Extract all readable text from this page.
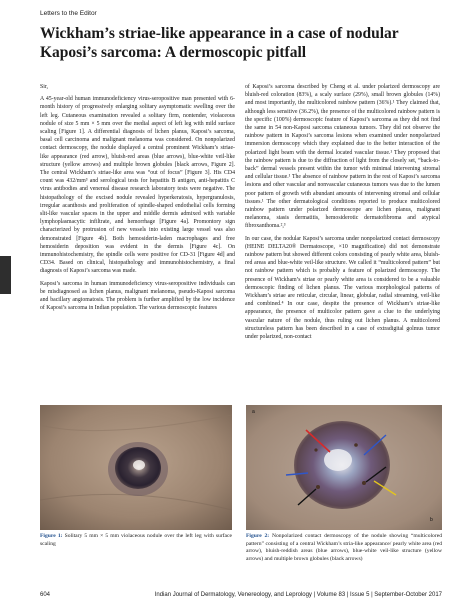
Letters to the Editor
Wickham’s striae-like appearance in a case of nodular Kaposi’s sarcoma: A dermoscopic pitfall

Sir,

A 45-year-old human immunodeficiency virus-seropositive man presented with 6-month history of progressively enlarging solitary asymptomatic swelling over the left leg. Cutaneous examination revealed a solitary firm, nontender, violaceous nodule of size 5 mm × 5 mm over the medial aspect of left leg with mild surface scaling [Figure 1]. A differential diagnosis of lichen planus, Kaposi’s sarcoma, basal cell carcinoma and malignant melanoma was considered. On nonpolarized contact dermoscopy, the nodule displayed a central prominent Wickham’s striae-like appearance (red arrow), bluish-red areas (blue arrows), blue-white veil-like structure (yellow arrows) and multiple brown globules [black arrows, Figure 2]. The central Wickham’s striae-like area was “out of focus” [Figure 3]. His CD4 count was 432/mm³ and serological tests for hepatitis B antigen, anti-hepatitis C virus antibodies and venereal disease research laboratory tests were negative. The histopathology of the excised nodule revealed hyperkeratosis, hypergranulosis, irregular acanthosis and proliferation of spindle-shaped endothelial cells forming slit-like vascular spaces in the upper and middle dermis admixed with variable lymphoplasmacytic infiltrate, and hemorrhage [Figure 4a]. Promontory sign characterized by protrusion of new vessels into existing large vessel was also demonstrated [Figure 4b]. Both hemosiderin-laden macrophages and free hemosiderin deposition was evident in the dermis [Figure 4c]. On immunohistochemistry, the spindle cells were positive for CD-31 [Figure 4d] and CD34. Based on clinical, histopathology and immunohistochemistry, a final diagnosis of Kaposi’s sarcoma was made.

Kaposi’s sarcoma in human immunodeficiency virus-seropositive individuals can be misdiagnosed as lichen planus, malignant melanoma, pseudo-Kaposi sarcoma and bacillary angiomatosis. The problem is further amplified by the low incidence of Kaposi’s sarcoma in Indian population. The various dermoscopic features

of Kaposi’s sarcoma described by Cheng et al. under polarized dermoscopy are bluish-red coloration (83%), a scaly surface (29%), small brown globules (14%) and most importantly, the multicolored rainbow pattern (36%).¹ They claimed that, although less sensitive (36.2%), the presence of the multicolored rainbow pattern is the specific (100%) dermoscopic feature of Kaposi’s sarcoma as they did not find the same in 54 non-Kaposi sarcoma cutaneous tumors. They did not observe the rainbow pattern in Kaposi’s sarcoma lesions when examined under nonpolarized immersion dermoscopy which they explained due to the better interaction of the polarized light beam with the dermal located vascular tissue.¹ They proposed that the rainbow pattern is due to the diffraction of light from the closely set, “back-to-back” dermal vessels present within the tumor with minimal intervening stromal and cellular tissue.¹ The absence of rainbow pattern in the rest of Kaposi’s sarcoma lesions and other vascular and nonvascular cutaneous tumors was due to the lumen poor pattern of growth with abundant amounts of intervening stromal and cellular tissues.¹ The other dermatological conditions reported to produce multicolored rainbow pattern under polarized dermoscope are lichen planus, malignant melanoma, stasis dermatitis, hemosiderotic dermatofibroma and atypical fibroxanthoma.²,³

In our case, the nodular Kaposi’s sarcoma under nonpolarized contact dermoscopy (HEINE DELTA20® Dermatoscope, ×10 magnification) did not demonstrate rainbow pattern but showed different colors consisting of pearly white area, bluish-red areas and blue-white veil-like structure. We called it “multicolored pattern” but not rainbow pattern which is probably a feature of polarized dermoscopy. The presence of Wickham’s striae or pearly white area is considered to be a valuable dermoscopic finding of lichen planus. The various morphological patterns of Wickham’s striae are reticular, circular, linear, globular, radial streaming, veil-like and combined.⁴ In our case, despite the presence of Wickham’s striae-like appearance, the presence of multicolor pattern gave a clue to the underlying vascular nature of the nodule, thus ruling out lichen planus. A multicolored structureless pattern has been described in a case of extradigital golmus tumor under polarized, non-contact

a
b

Figure 1: Solitary 5 mm × 5 mm violaceous nodule over the left leg with surface scaling

Figure 2: Nonpolarized contact dermoscopy of the nodule showing “multicolored pattern” consisting of a central Wickham’s stria-like appearance/ pearly white area (red arrow), bluish-reddish areas (blue arrows), blue-white veil-like structure (yellow arrows) and multiple brown globules (black arrows)

604	Indian Journal of Dermatology, Venereology, and Leprology | Volume 83 | Issue 5 | September-October 2017
